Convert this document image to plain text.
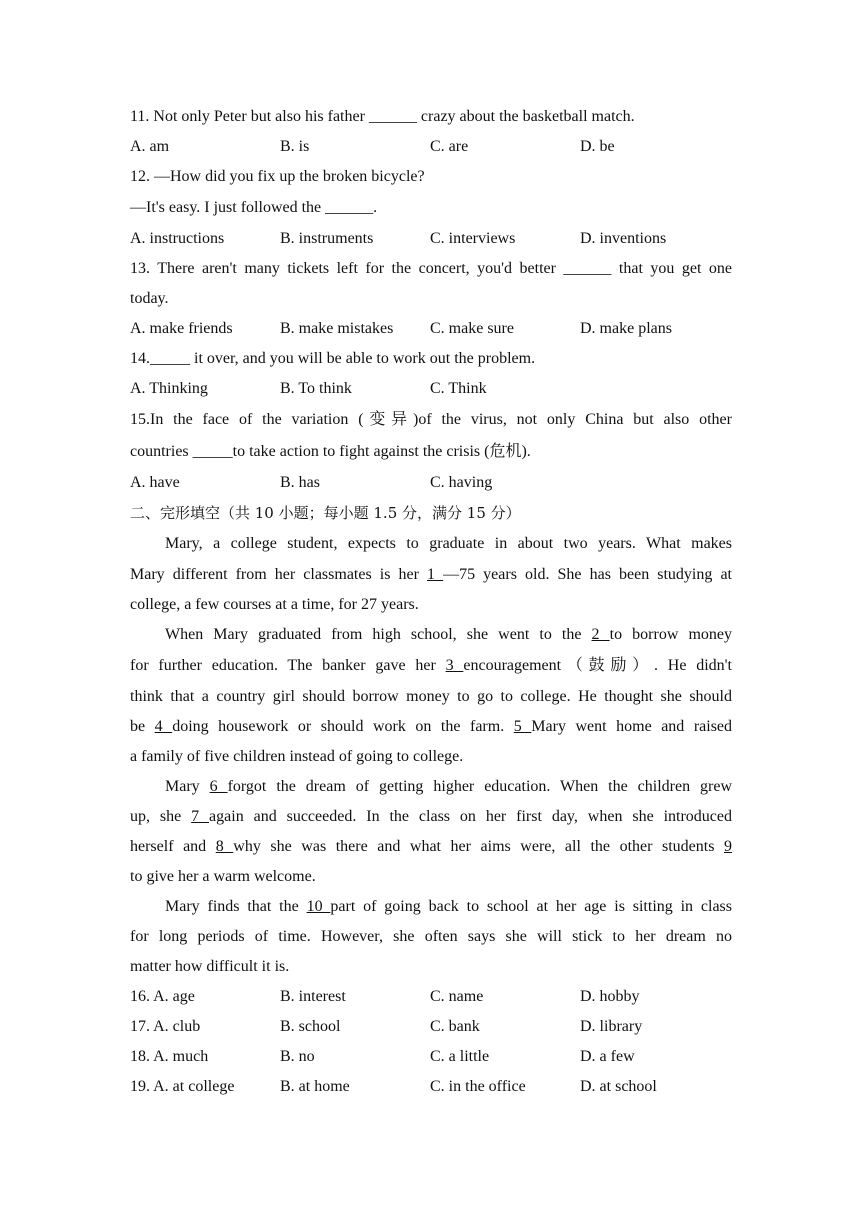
11. Not only Peter but also his father ______ crazy about the basketball match.
A. am	B. is	C. are	D. be
12. —How did you fix up the broken bicycle?
—It's easy. I just followed the ______.
A. instructions	B. instruments	C. interviews	D. inventions
13. There aren't many tickets left for the concert, you'd better ______ that you get one
today.
A. make friends	B. make mistakes	C. make sure	D. make plans
14._____ it over, and you will be able to work out the problem.
A. Thinking	B. To think	C. Think
15.In the face of the variation (变异)of the virus, not only China but also other
countries _____to take action to fight against the crisis (危机).
A. have	B. has	C. having
二、完形填空（共 10 小题；每小题 1.5 分，满分 15 分）
Mary, a college student, expects to graduate in about two years. What makes
Mary different from her classmates is her 1 —75 years old. She has been studying at
college, a few courses at a time, for 27 years.
When Mary graduated from high school, she went to the 2 to borrow money
for further education. The banker gave her 3 encouragement（鼓励）. He didn't
think that a country girl should borrow money to go to college. He thought she should
be 4 doing housework or should work on the farm. 5 Mary went home and raised
a family of five children instead of going to college.
Mary 6 forgot the dream of getting higher education. When the children grew
up, she 7 again and succeeded. In the class on her first day, when she introduced
herself and 8 why she was there and what her aims were, all the other students 9
to give her a warm welcome.
Mary finds that the 10 part of going back to school at her age is sitting in class
for long periods of time. However, she often says she will stick to her dream no
matter how difficult it is.
16. A. age	B. interest	C. name	D. hobby
17. A. club	B. school	C. bank	D. library
18. A. much	B. no	C. a little	D. a few
19. A. at college	B. at home	C. in the office	D. at school
